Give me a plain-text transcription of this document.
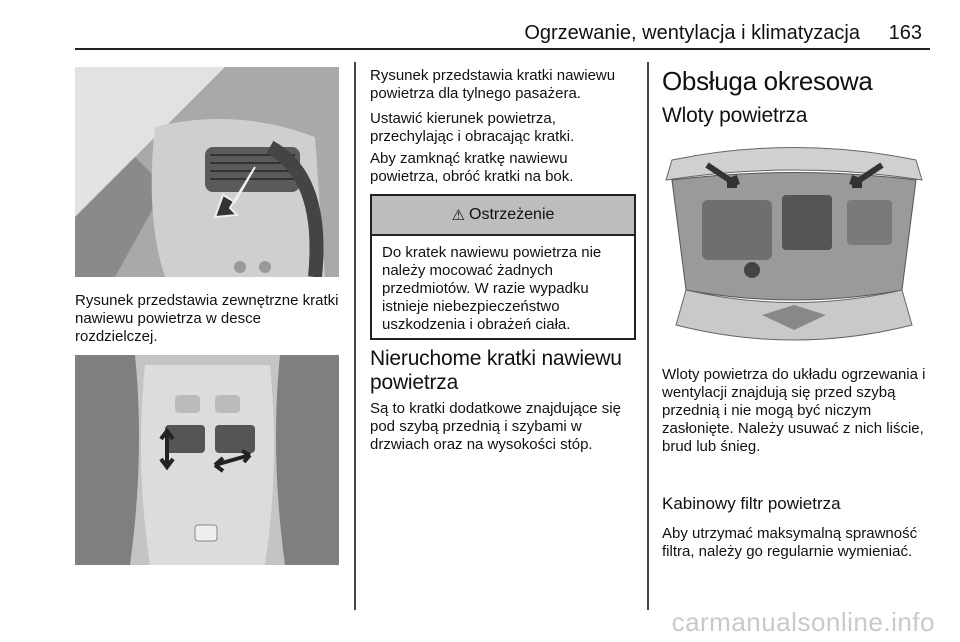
Ogrzewanie, wentylacja i klimatyzacja 163

Rysunek przedstawia zewnętrzne kratki nawiewu powietrza w desce rozdzielczej.

Rysunek przedstawia kratki nawiewu powietrza dla tylnego pasażera.

Ustawić kierunek powietrza, przechylając i obracając kratki.

Aby zamknąć kratkę nawiewu powietrza, obróć kratki na bok.

⚠ Ostrzeżenie

Do kratek nawiewu powietrza nie należy mocować żadnych przedmiotów. W razie wypadku istnieje niebezpieczeństwo uszkodzenia i obrażeń ciała.

Nieruchome kratki nawiewu powietrza

Są to kratki dodatkowe znajdujące się pod szybą przednią i szybami w drzwiach oraz na wysokości stóp.

Obsługa okresowa
Wloty powietrza

Wloty powietrza do układu ogrzewania i wentylacji znajdują się przed szybą przednią i nie mogą być niczym zasłonięte. Należy usuwać z nich liście, brud lub śnieg.

Kabinowy filtr powietrza

Aby utrzymać maksymalną sprawność filtra, należy go regularnie wymieniać.

carmanualsonline.info
